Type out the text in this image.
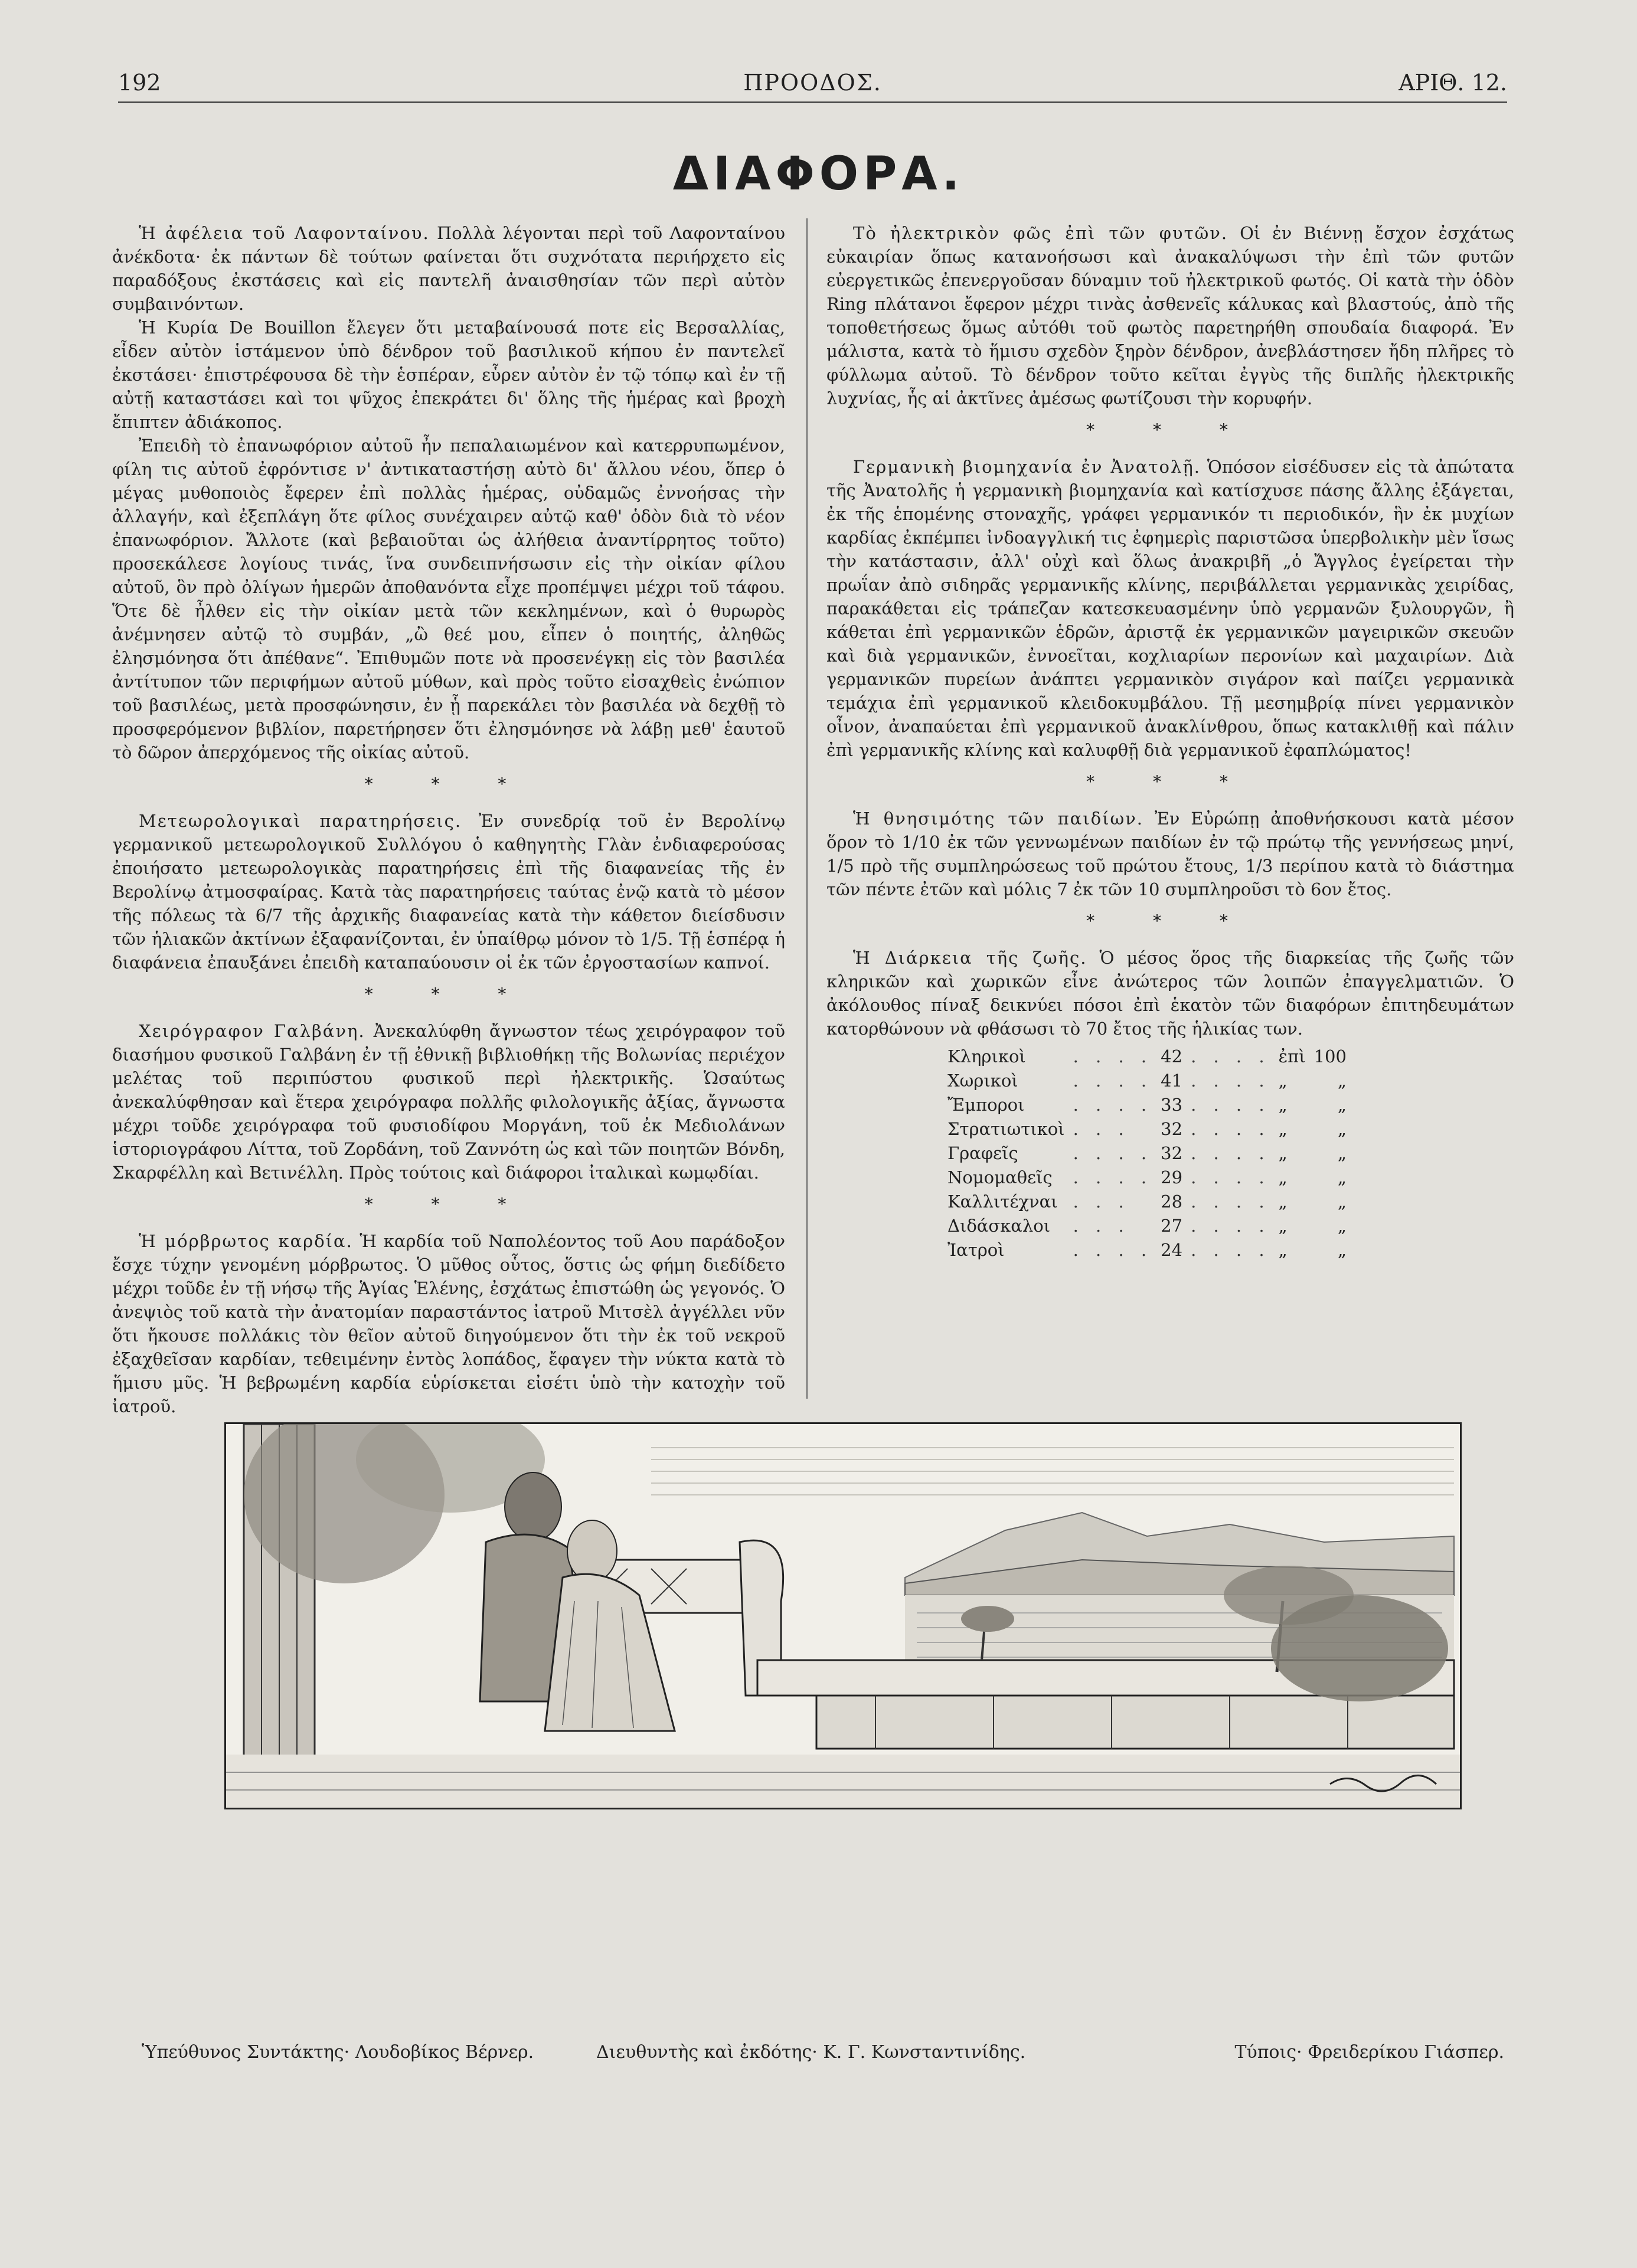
192	ΠΡΟΟΔΟΣ.	ΑΡΙΘ. 12.
ΔΙΑΦΟΡΑ.

Ἡ ἀφέλεια τοῦ Λαφονταίνου. Πολλὰ λέγονται περὶ τοῦ Λαφονταίνου ἀνέκδοτα· ἐκ πάντων δὲ τούτων φαίνεται ὅτι συχνότατα περιήρχετο εἰς παραδόξους ἐκστάσεις καὶ εἰς παντελῆ ἀναισθησίαν τῶν περὶ αὐτὸν συμβαινόντων.

Ἡ Κυρία De Bouillon ἔλεγεν ὅτι μεταβαίνουσά ποτε εἰς Βερσαλλίας, εἶδεν αὐτὸν ἱστάμενον ὑπὸ δένδρον τοῦ βασιλικοῦ κήπου ἐν παντελεῖ ἐκστάσει· ἐπιστρέφουσα δὲ τὴν ἑσπέραν, εὗρεν αὐτὸν ἐν τῷ τόπῳ καὶ ἐν τῇ αὐτῇ καταστάσει καὶ τοι ψῦχος ἐπεκράτει δι' ὅλης τῆς ἡμέρας καὶ βροχὴ ἔπιπτεν ἀδιάκοπος.

Ἐπειδὴ τὸ ἐπανωφόριον αὐτοῦ ἦν πεπαλαιωμένον καὶ κατερρυπωμένον, φίλη τις αὐτοῦ ἐφρόντισε ν' ἀντικαταστήσῃ αὐτὸ δι' ἄλλου νέου, ὅπερ ὁ μέγας μυθοποιὸς ἔφερεν ἐπὶ πολλὰς ἡμέρας, οὐδαμῶς ἐννοήσας τὴν ἀλλαγήν, καὶ ἐξεπλάγη ὅτε φίλος συνέχαιρεν αὐτῷ καθ' ὁδὸν διὰ τὸ νέον ἐπανωφόριον. Ἄλλοτε (καὶ βεβαιοῦται ὡς ἀλήθεια ἀναντίρρητος τοῦτο) προσεκάλεσε λογίους τινάς, ἵνα συνδειπνήσωσιν εἰς τὴν οἰκίαν φίλου αὐτοῦ, ὃν πρὸ ὀλίγων ἡμερῶν ἀποθανόντα εἶχε προπέμψει μέχρι τοῦ τάφου. Ὅτε δὲ ἦλθεν εἰς τὴν οἰκίαν μετὰ τῶν κεκλημένων, καὶ ὁ θυρωρὸς ἀνέμνησεν αὐτῷ τὸ συμβάν, „ὢ θεέ μου, εἶπεν ὁ ποιητής, ἀληθῶς ἐλησμόνησα ὅτι ἀπέθανε“. Ἐπιθυμῶν ποτε νὰ προσενέγκῃ εἰς τὸν βασιλέα ἀντίτυπον τῶν περιφήμων αὐτοῦ μύθων, καὶ πρὸς τοῦτο εἰσαχθεὶς ἐνώπιον τοῦ βασιλέως, μετὰ προσφώνησιν, ἐν ᾗ παρεκάλει τὸν βασιλέα νὰ δεχθῇ τὸ προσφερόμενον βιβλίον, παρετήρησεν ὅτι ἐλησμόνησε νὰ λάβῃ μεθ' ἑαυτοῦ τὸ δῶρον ἀπερχόμενος τῆς οἰκίας αὐτοῦ.

* * *

Μετεωρολογικαὶ παρατηρήσεις. Ἐν συνεδρίᾳ τοῦ ἐν Βερολίνῳ γερμανικοῦ μετεωρολογικοῦ Συλλόγου ὁ καθηγητὴς Γλὰν ἐνδιαφερούσας ἐποιήσατο μετεωρολογικὰς παρατηρήσεις ἐπὶ τῆς διαφανείας τῆς ἐν Βερολίνῳ ἀτμοσφαίρας. Κατὰ τὰς παρατηρήσεις ταύτας ἐνῷ κατὰ τὸ μέσον τῆς πόλεως τὰ 6/7 τῆς ἀρχικῆς διαφανείας κατὰ τὴν κάθετον διείσδυσιν τῶν ἡλιακῶν ἀκτίνων ἐξαφανίζονται, ἐν ὑπαίθρῳ μόνον τὸ 1/5. Τῇ ἑσπέρᾳ ἡ διαφάνεια ἐπαυξάνει ἐπειδὴ καταπαύουσιν οἱ ἐκ τῶν ἐργοστασίων καπνοί.

* * *

Χειρόγραφον Γαλβάνη. Ἀνεκαλύφθη ἄγνωστον τέως χειρόγραφον τοῦ διασήμου φυσικοῦ Γαλβάνη ἐν τῇ ἐθνικῇ βιβλιοθήκῃ τῆς Βολωνίας περιέχον μελέτας τοῦ περιπύστου φυσικοῦ περὶ ἠλεκτρικῆς. Ὡσαύτως ἀνεκαλύφθησαν καὶ ἕτερα χειρόγραφα πολλῆς φιλολογικῆς ἀξίας, ἄγνωστα μέχρι τοῦδε χειρόγραφα τοῦ φυσιοδίφου Μοργάνη, τοῦ ἐκ Μεδιολάνων ἱστοριογράφου Λίττα, τοῦ Ζορδάνη, τοῦ Ζαννότη ὡς καὶ τῶν ποιητῶν Βόνδη, Σκαρφέλλη καὶ Βετινέλλη. Πρὸς τούτοις καὶ διάφοροι ἰταλικαὶ κωμῳδίαι.

* * *

Ἡ μόρβρωτος καρδία. Ἡ καρδία τοῦ Ναπολέοντος τοῦ Αου παράδοξον ἔσχε τύχην γενομένη μόρβρωτος. Ὁ μῦθος οὗτος, ὅστις ὡς φήμη διεδίδετο μέχρι τοῦδε ἐν τῇ νήσῳ τῆς Ἁγίας Ἑλένης, ἐσχάτως ἐπιστώθη ὡς γεγονός. Ὁ ἀνεψιὸς τοῦ κατὰ τὴν ἀνατομίαν παραστάντος ἰατροῦ Μιτσὲλ ἀγγέλλει νῦν ὅτι ἤκουσε πολλάκις τὸν θεῖον αὐτοῦ διηγούμενον ὅτι τὴν ἐκ τοῦ νεκροῦ ἐξαχθεῖσαν καρδίαν, τεθειμένην ἐντὸς λοπάδος, ἔφαγεν τὴν νύκτα κατὰ τὸ ἥμισυ μῦς. Ἡ βεβρωμένη καρδία εὑρίσκεται εἰσέτι ὑπὸ τὴν κατοχὴν τοῦ ἰατροῦ.

Τὸ ἠλεκτρικὸν φῶς ἐπὶ τῶν φυτῶν. Οἱ ἐν Βιέννῃ ἔσχον ἐσχάτως εὐκαιρίαν ὅπως κατανοήσωσι καὶ ἀνακαλύψωσι τὴν ἐπὶ τῶν φυτῶν εὐεργετικῶς ἐπενεργοῦσαν δύναμιν τοῦ ἠλεκτρικοῦ φωτός. Οἱ κατὰ τὴν ὁδὸν Ring πλάτανοι ἔφερον μέχρι τινὰς ἀσθενεῖς κάλυκας καὶ βλαστούς, ἀπὸ τῆς τοποθετήσεως ὅμως αὐτόθι τοῦ φωτὸς παρετηρήθη σπουδαία διαφορά. Ἐν μάλιστα, κατὰ τὸ ἥμισυ σχεδὸν ξηρὸν δένδρον, ἀνεβλάστησεν ἤδη πλῆρες τὸ φύλλωμα αὐτοῦ. Τὸ δένδρον τοῦτο κεῖται ἐγγὺς τῆς διπλῆς ἠλεκτρικῆς λυχνίας, ἧς αἱ ἀκτῖνες ἀμέσως φωτίζουσι τὴν κορυφήν.

* * *

Γερμανικὴ βιομηχανία ἐν Ἀνατολῇ. Ὁπόσον εἰσέδυσεν εἰς τὰ ἀπώτατα τῆς Ἀνατολῆς ἡ γερμανικὴ βιομηχανία καὶ κατίσχυσε πάσης ἄλλης ἐξάγεται, ἐκ τῆς ἑπομένης στοναχῆς, γράφει γερμανικόν τι περιοδικόν, ἣν ἐκ μυχίων καρδίας ἐκπέμπει ἰνδοαγγλική τις ἐφημερὶς παριστῶσα ὑπερβολικὴν μὲν ἴσως τὴν κατάστασιν, ἀλλ' οὐχὶ καὶ ὅλως ἀνακριβῆ „ὁ Ἄγγλος ἐγείρεται τὴν πρωΐαν ἀπὸ σιδηρᾶς γερμανικῆς κλίνης, περιβάλλεται γερμανικὰς χειρίδας, παρακάθεται εἰς τράπεζαν κατεσκευασμένην ὑπὸ γερμανῶν ξυλουργῶν, ἢ κάθεται ἐπὶ γερμανικῶν ἑδρῶν, ἀριστᾷ ἐκ γερμανικῶν μαγειρικῶν σκευῶν καὶ διὰ γερμανικῶν, ἐννοεῖται, κοχλιαρίων περονίων καὶ μαχαιρίων. Διὰ γερμανικῶν πυρείων ἀνάπτει γερμανικὸν σιγάρον καὶ παίζει γερμανικὰ τεμάχια ἐπὶ γερμανικοῦ κλειδοκυμβάλου. Τῇ μεσημβρίᾳ πίνει γερμανικὸν οἶνον, ἀναπαύεται ἐπὶ γερμανικοῦ ἀνακλίνθρου, ὅπως κατακλιθῇ καὶ πάλιν ἐπὶ γερμανικῆς κλίνης καὶ καλυφθῇ διὰ γερμανικοῦ ἐφαπλώματος!

* * *

Ἡ θνησιμότης τῶν παιδίων. Ἐν Εὐρώπῃ ἀποθνήσκουσι κατὰ μέσον ὅρον τὸ 1/10 ἐκ τῶν γεννωμένων παιδίων ἐν τῷ πρώτῳ τῆς γεννήσεως μηνί, 1/5 πρὸ τῆς συμπληρώσεως τοῦ πρώτου ἔτους, 1/3 περίπου κατὰ τὸ διάστημα τῶν πέντε ἐτῶν καὶ μόλις 7 ἐκ τῶν 10 συμπληροῦσι τὸ 6ον ἔτος.

* * *

Ἡ Διάρκεια τῆς ζωῆς. Ὁ μέσος ὅρος τῆς διαρκείας τῆς ζωῆς τῶν κληρικῶν καὶ χωρικῶν εἶνε ἀνώτερος τῶν λοιπῶν ἐπαγγελματιῶν. Ὁ ἀκόλουθος πίναξ δεικνύει πόσοι ἐπὶ ἑκατὸν τῶν διαφόρων ἐπιτηδευμάτων κατορθώνουν νὰ φθάσωσι τὸ 70 ἔτος τῆς ἡλικίας των.

Κληρικοὶ	. . . .	42	. . . .	ἐπὶ	100
Χωρικοὶ	. . . .	41	. . . .	„	„
Ἔμποροι	. . . .	33	. . . .	„	„
Στρατιωτικοὶ	. . .	32	. . . .	„	„
Γραφεῖς	. . . .	32	. . . .	„	„
Νομομαθεῖς	. . . .	29	. . . .	„	„
Καλλιτέχναι	. . .	28	. . . .	„	„
Διδάσκαλοι	. . .	27	. . . .	„	„
Ἰατροὶ	. . . .	24	. . . .	„	„
Ὑπεύθυνος Συντάκτης· Λουδοβίκος Βέρνερ.	Διευθυντὴς καὶ ἐκδότης· Κ. Γ. Κωνσταντινίδης.	Τύποις· Φρειδερίκου Γιάσπερ.
